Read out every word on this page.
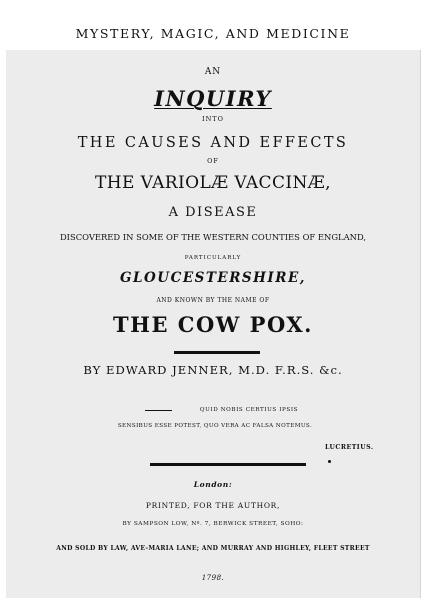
MYSTERY, MAGIC, AND MEDICINE
AN
INQUIRY
INTO
THE CAUSES AND EFFECTS
OF
THE VARIOLÆ VACCINÆ,
A DISEASE
DISCOVERED IN SOME OF THE WESTERN COUNTIES OF ENGLAND,
PARTICULARLY
GLOUCESTERSHIRE,
AND KNOWN BY THE NAME OF
THE COW POX.
BY EDWARD JENNER, M.D. F.R.S. &c.
QUID NOBIS CERTIUS IPSIS
SENSIBUS ESSE POTEST, QUO VERA AC FALSA NOTEMUS.
LUCRETIUS.
London:
PRINTED, FOR THE AUTHOR,
BY SAMPSON LOW, Nº. 7, BERWICK STREET, SOHO:
AND SOLD BY LAW, AVE-MARIA LANE; AND MURRAY AND HIGHLEY, FLEET STREET
1798.
